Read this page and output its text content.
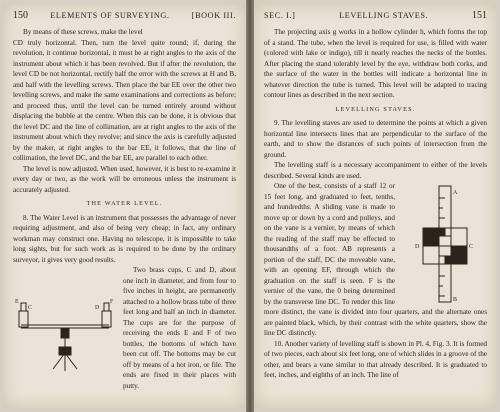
150	ELEMENTS OF SURVEYING.	[BOOK III.

By means of these screws, make the level

CD truly horizontal. Then, turn the level quite round; if, during the revolution, it continue horizontal, it must be at right angles to the axis of the instrument about which it has been revolved. But if after the revolution, the level CD be not horizontal, rectify half the error with the screws at H and B, and half with the levelling screws. Then place the bar EE over the other two levelling screws, and make the same examinations and corrections as before; and proceed thus, until the level can be turned entirely around without displacing the bubble at the centre. When this can be done, it is obvious that the level DC and the line of collimation, are at right angles to the axis of the instrument about which they revolve; and since the axis is carefully adjusted by the maker, at right angles to the bar EE, it follows, that the line of collimation, the level DC, and the bar EE, are parallel to each other.

The level is now adjusted. When used, however, it is best to re-examine it every day or two, as the work will be erroneous unless the instrument is accurately adjusted.

THE WATER LEVEL.

8. The Water Level is an instrument that possesses the advantage of never requiring adjustment, and also of being very cheap; in fact, any ordinary workman may construct one. Having no telescope, it is impossible to take long sights, but for such work as is required to be done by the ordinary surveyor, it gives very good results.

C	D
E	F

Two brass cups, C and D, about one inch in diameter, and from four to five inches in height, are permanently attached to a hollow brass tube of three feet long and half an inch in diameter. The cups are for the purpose of receiving the ends E and F of two bottles, the bottoms of which have been cut off. The bottoms may be cut off by means of a hot iron, or file. The ends are fixed in their places with putty.

SEC. I.]	LEVELLING STAVES.	151

The projecting axis g works in a hollow cylinder h, which forms the top of a stand. The tube, when the level is required for use, is filled with water (colored with lake or indigo), till it nearly reaches the necks of the bottles. After placing the stand tolerably level by the eye, withdraw both corks, and the surface of the water in the bottles will indicate a horizontal line in whatever direction the tube is turned. This level will be adapted to tracing contour lines as described in the next section.

LEVELLING STAVES.

9. The levelling staves are used to determine the points at which a given horizontal line intersects lines that are perpendicular to the surface of the earth, and to show the distances of such points of intersection from the ground.

The levelling staff is a necessary accompaniment to either of the levels described. Several kinds are used.

A
B
D	C
E
F

One of the best, consists of a staff 12 or 15 feet long, and graduated to feet, tenths, and hundredths. A sliding vane is made to move up or down by a cord and pulleys, and on the vane is a vernier, by means of which the reading of the staff may be effected to thousandths of a foot. AB represents a portion of the staff, DC the moveable vane, with an opening EF, through which the graduation on the staff is seen. F is the vernier of the vane, the 0 being determined by the transverse line DC. To render this line more distinct, the vane is divided into four quarters, and the alternate ones are painted black, which, by their contrast with the white quarters, show the line DC distinctly.

10. Another variety of levelling staff is shown in Pl. 4, Fig. 3. It is formed of two pieces, each about six feet long, one of which slides in a groove of the other, and bears a vane similar to that already described. It is graduated to feet, inches, and eighths of an inch. The line of
